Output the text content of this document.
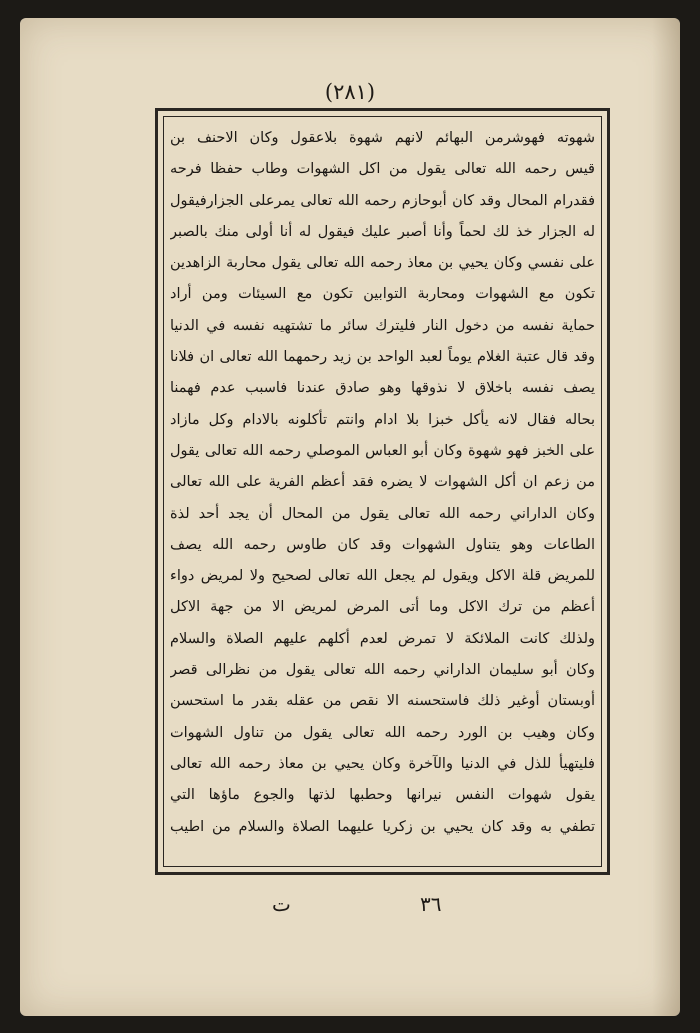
(٢٨١)
شهوته فهوشرمن البهائم لانهم شهوة بلاعقول وكان الاحنف بن
قيس رحمه الله تعالى يقول من اكل الشهوات وطاب حفظا فرحه
فقدرام المحال وقد كان أبوحازم رحمه الله تعالى يمرعلى الجزارفيقول
له الجزار خذ لك لحماً وأنا أصبر عليك فيقول له أنا أولى منك بالصبر
على نفسي وكان يحيي بن معاذ رحمه الله تعالى يقول محاربة الزاهدين
تكون مع الشهوات ومحاربة التوابين تكون مع السيئات ومن أراد
حماية نفسه من دخول النار فليترك سائر ما تشتهيه نفسه في الدنيا
وقد قال عتبة الغلام يوماً لعبد الواحد بن زيد رحمهما الله تعالى ان فلانا
يصف نفسه باخلاق لا نذوقها وهو صادق عندنا فاسبب عدم فهمنا
بحاله فقال لانه يأكل خبزا بلا ادام وانتم تأكلونه بالادام وكل مازاد
على الخبز فهو شهوة وكان أبو العباس الموصلي رحمه الله تعالى يقول
من زعم ان أكل الشهوات لا يضره فقد أعظم الفرية على الله تعالى
وكان الداراني رحمه الله تعالى يقول من المحال أن يجد أحد لذة
الطاعات وهو يتناول الشهوات وقد كان طاوس رحمه الله يصف
للمريض قلة الاكل ويقول لم يجعل الله تعالى لصحيح ولا لمريض دواء
أعظم من ترك الاكل وما أتى المرض لمريض الا من جهة الاكل
ولذلك كانت الملائكة لا تمرض لعدم أكلهم عليهم الصلاة والسلام
وكان أبو سليمان الداراني رحمه الله تعالى يقول من نظرالى قصر
أوبستان أوغير ذلك فاستحسنه الا نقص من عقله بقدر ما استحسن
وكان وهيب بن الورد رحمه الله تعالى يقول من تناول الشهوات
فليتهيأ للذل في الدنيا والآخرة وكان يحيي بن معاذ رحمه الله تعالى
يقول شهوات النفس نيرانها وحطبها لذتها والجوع ماؤها التي
تطفي به وقد كان يحيي بن زكريا عليهما الصلاة والسلام من اطيب
ت	٣٦
